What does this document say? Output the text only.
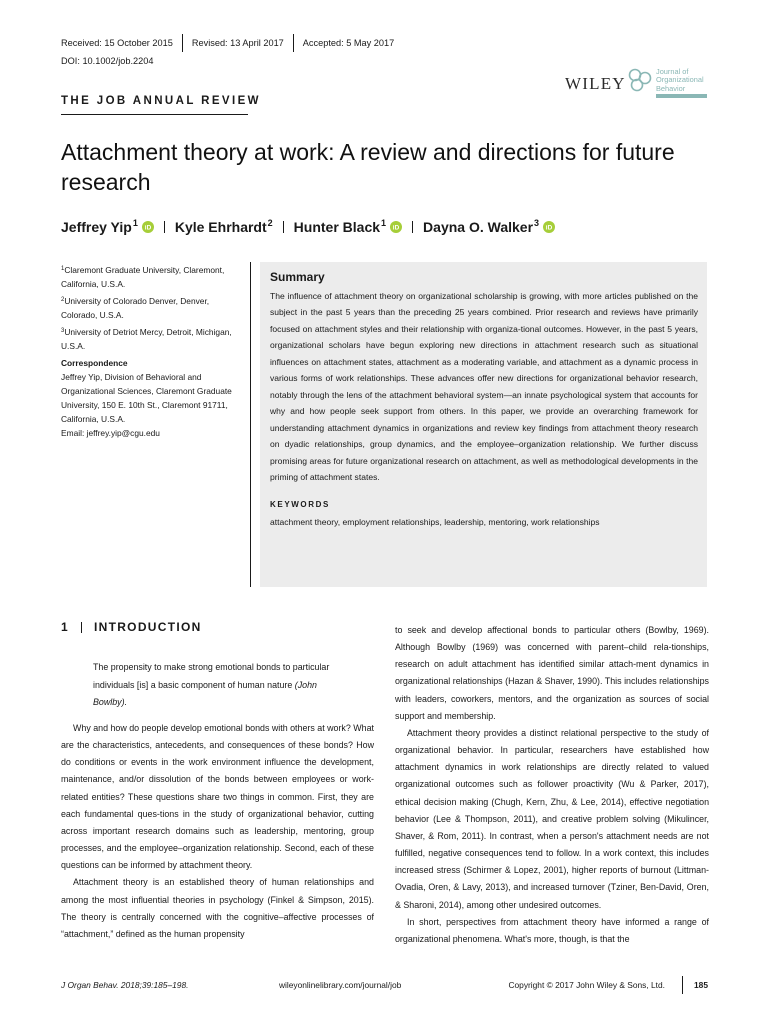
Received: 15 October 2015	Revised: 13 April 2017	Accepted: 5 May 2017
DOI: 10.1002/job.2204
WILEY
Journal of
Organizational
Behavior
THE JOB ANNUAL REVIEW
Attachment theory at work: A review and directions for future research
Jeffrey Yip$^1$ iD Kyle Ehrhardt$^2$ Hunter Black$^1$ iD Dayna O. Walker$^3$ iD

$^1$Claremont Graduate University, Claremont, California, U.S.A.

$^2$University of Colorado Denver, Denver, Colorado, U.S.A.

$^3$University of Detriot Mercy, Detroit, Michigan, U.S.A.

Correspondence

Jeffrey Yip, Division of Behavioral and Organizational Sciences, Claremont Graduate University, 150 E. 10th St., Claremont 91711, California, U.S.A.

Email: jeffrey.yip@cgu.edu

Summary
The influence of attachment theory on organizational scholarship is growing, with more articles published on the subject in the past 5 years than the preceding 25 years combined. Prior research and reviews have primarily focused on attachment styles and their relationship with organiza-tional outcomes. However, in the past 5 years, organizational scholars have begun exploring new directions in attachment research such as situational influences on attachment states, attachment as a moderating variable, and attachment as a dynamic process in various forms of work relationships. These advances offer new directions for organizational behavior research, notably through the lens of the attachment behavioral system—an innate psychological system that accounts for why and how people seek support from others. In this paper, we provide an overarching framework for understanding attachment dynamics in organizations and review key findings from attachment theory research on dyadic relationships, group dynamics, and the employee–organization relationship. We further discuss promising areas for future organizational research on attachment, as well as methodological developments in the priming of attachment states.
KEYWORDS
attachment theory, employment relationships, leadership, mentoring, work relationships
1 INTRODUCTION
The propensity to make strong emotional bonds to particular individuals [is] a basic component of human nature (John Bowlby).

Why and how do people develop emotional bonds with others at work? What are the characteristics, antecedents, and consequences of these bonds? How do conditions or events in the work environment influence the development, maintenance, and/or dissolution of the bonds between employees or work-related entities? These questions share two things in common. First, they are each fundamental ques-tions in the study of organizational behavior, cutting across important research domains such as leadership, mentoring, group processes, and the employee–organization relationship. Second, each of these questions can be informed by attachment theory.

Attachment theory is an established theory of human relationships and among the most influential theories in psychology (Finkel & Simpson, 2015). The theory is centrally concerned with the cognitive–affective processes of “attachment,” defined as the human propensity

to seek and develop affectional bonds to particular others (Bowlby, 1969). Although Bowlby (1969) was concerned with parent–child rela-tionships, research on adult attachment has identified similar attach-ment dynamics in organizational relationships (Hazan & Shaver, 1990). This includes relationships with leaders, coworkers, mentors, and the organization as sources of social support and membership.

Attachment theory provides a distinct relational perspective to the study of organizational behavior. In particular, researchers have established how attachment dynamics in work relationships are directly related to valued organizational outcomes such as follower proactivity (Wu & Parker, 2017), ethical decision making (Chugh, Kern, Zhu, & Lee, 2014), effective negotiation behavior (Lee & Thompson, 2011), and creative problem solving (Mikulincer, Shaver, & Rom, 2011). In contrast, when a person's attachment needs are not fulfilled, negative consequences tend to follow. In a work context, this includes increased stress (Schirmer & Lopez, 2001), higher reports of burnout (Littman-Ovadia, Oren, & Lavy, 2013), and increased turnover (Tziner, Ben-David, Oren, & Sharoni, 2014), among other undesired outcomes.

In short, perspectives from attachment theory have informed a range of organizational phenomena. What's more, though, is that the

J Organ Behav. 2018;39:185–198.	wileyonlinelibrary.com/journal/job	Copyright © 2017 John Wiley & Sons, Ltd.	185
